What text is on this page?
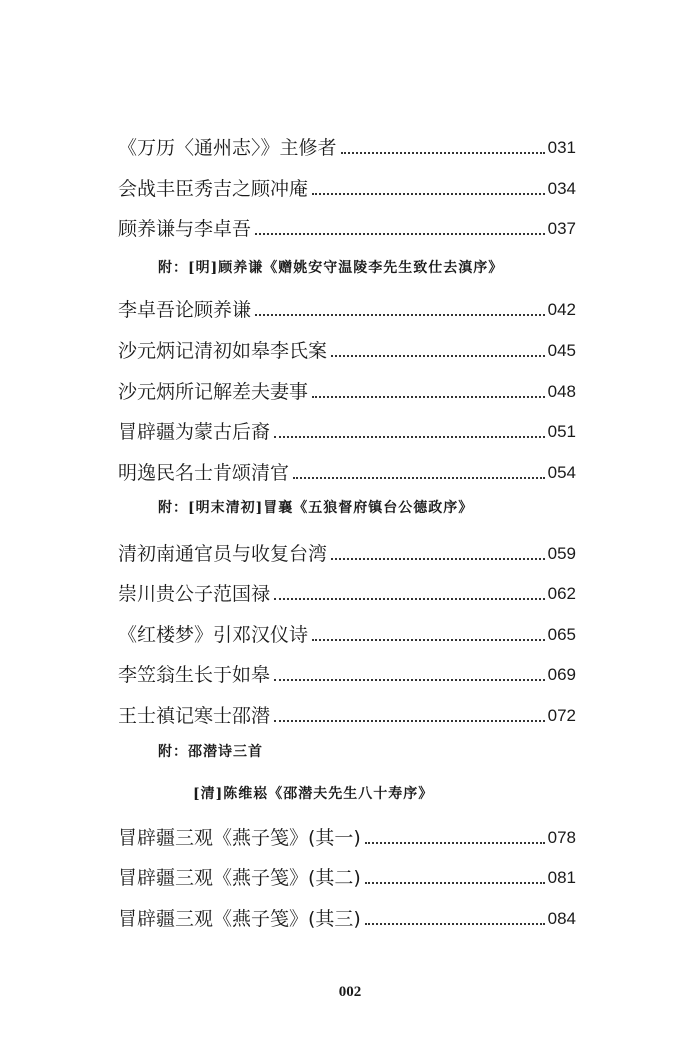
《万历〈通州志〉》主修者	031
会战丰臣秀吉之顾冲庵	034
顾养谦与李卓吾	037
附：[明]顾养谦《赠姚安守温陵李先生致仕去滇序》
李卓吾论顾养谦	042
沙元炳记清初如皋李氏案	045
沙元炳所记解差夫妻事	048
冒辟疆为蒙古后裔	051
明逸民名士肯颂清官	054
附：[明末清初]冒襄《五狼督府镇台公德政序》
清初南通官员与收复台湾	059
崇川贵公子范国禄	062
《红楼梦》引邓汉仪诗	065
李笠翁生长于如皋	069
王士禛记寒士邵潜	072
附：邵潜诗三首
[清]陈维崧《邵潜夫先生八十寿序》
冒辟疆三观《燕子笺》(其一)	078
冒辟疆三观《燕子笺》(其二)	081
冒辟疆三观《燕子笺》(其三)	084
002
